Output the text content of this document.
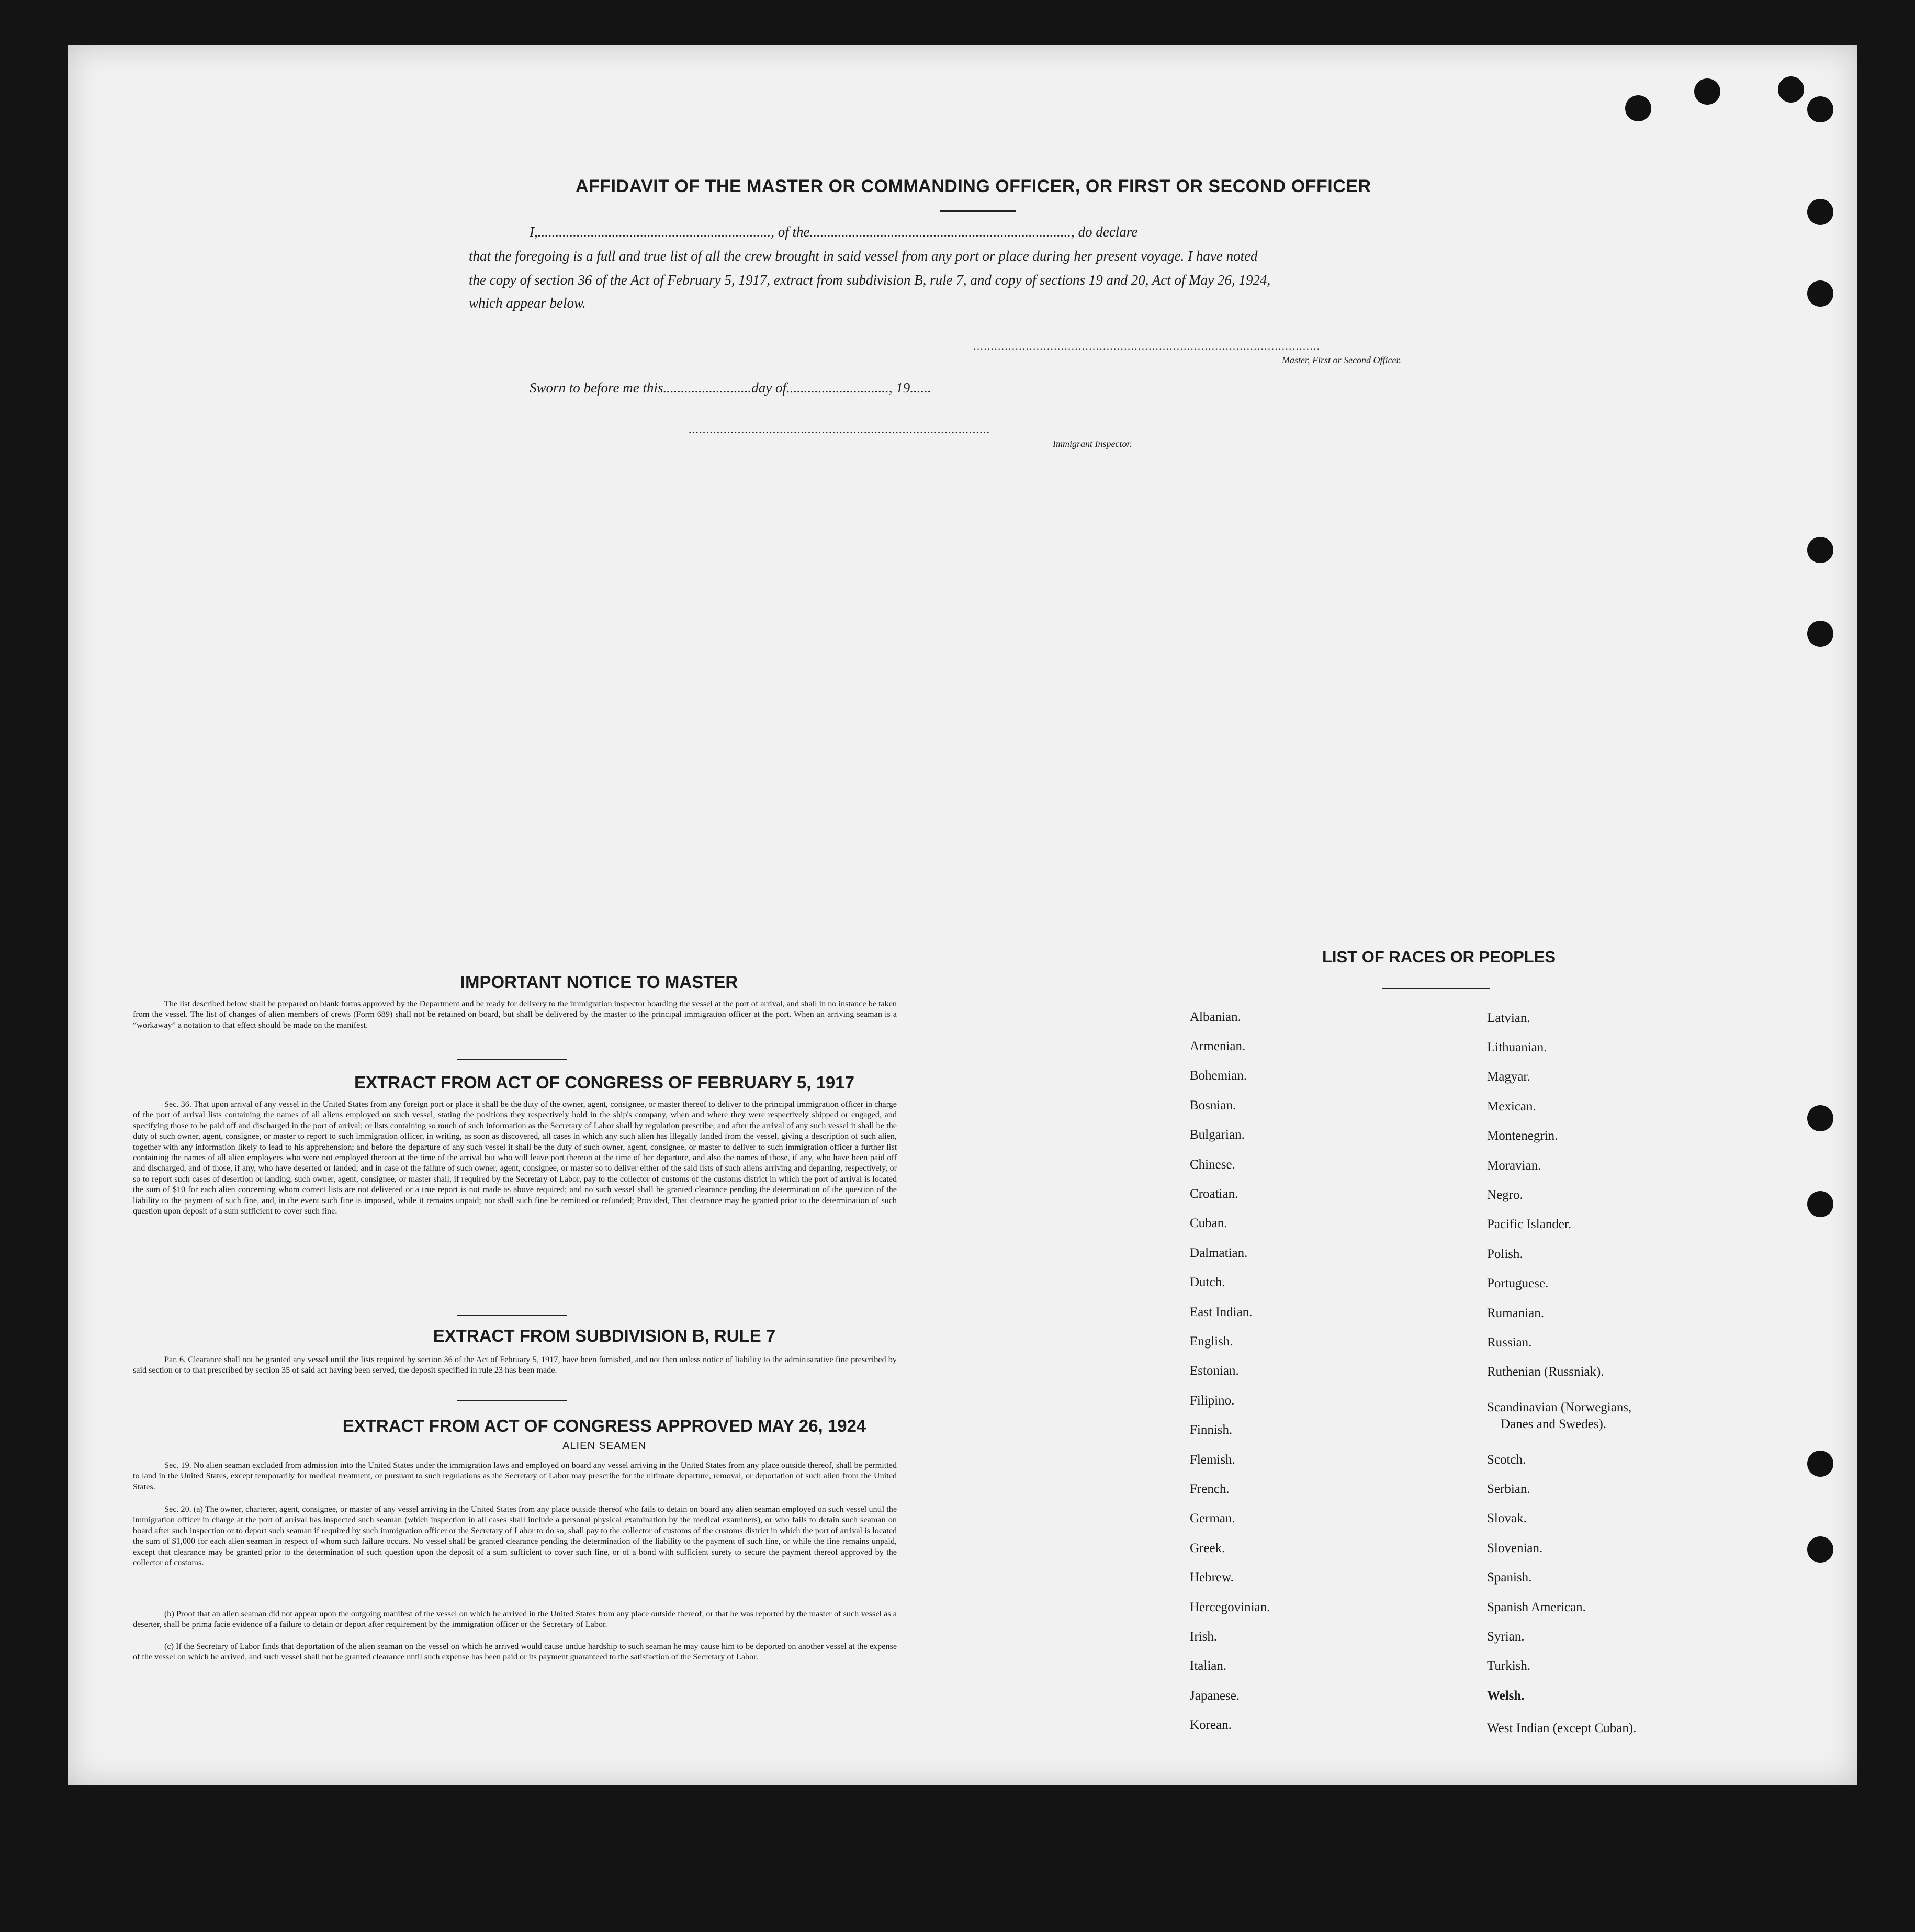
AFFIDAVIT OF THE MASTER OR COMMANDING OFFICER, OR FIRST OR SECOND OFFICER
I,.................................................................., of the.........................................................................., do declare
that the foregoing is a full and true list of all the crew brought in said vessel from any port or place during her present voyage. I have noted
the copy of section 36 of the Act of February 5, 1917, extract from subdivision B, rule 7, and copy of sections 19 and 20, Act of May 26, 1924,
which appear below.
...................................................................................................
Master, First or Second Officer.
Sworn to before me this.........................day of............................., 19......
......................................................................................
Immigrant Inspector.
IMPORTANT NOTICE TO MASTER
The list described below shall be prepared on blank forms approved by the Department and be ready for delivery to the immigration inspector boarding the vessel at the port of arrival, and shall in no instance be taken from the vessel. The list of changes of alien members of crews (Form 689) shall not be retained on board, but shall be delivered by the master to the principal immigration officer at the port. When an arriving seaman is a “workaway” a notation to that effect should be made on the manifest.
EXTRACT FROM ACT OF CONGRESS OF FEBRUARY 5, 1917
Sec. 36. That upon arrival of any vessel in the United States from any foreign port or place it shall be the duty of the owner, agent, consignee, or master thereof to deliver to the principal immigration officer in charge of the port of arrival lists containing the names of all aliens employed on such vessel, stating the positions they respectively hold in the ship's company, when and where they were respectively shipped or engaged, and specifying those to be paid off and discharged in the port of arrival; or lists containing so much of such information as the Secretary of Labor shall by regulation prescribe; and after the arrival of any such vessel it shall be the duty of such owner, agent, consignee, or master to report to such immigration officer, in writing, as soon as discovered, all cases in which any such alien has illegally landed from the vessel, giving a description of such alien, together with any information likely to lead to his apprehension; and before the departure of any such vessel it shall be the duty of such owner, agent, consignee, or master to deliver to such immigration officer a further list containing the names of all alien employees who were not employed thereon at the time of the arrival but who will leave port thereon at the time of her departure, and also the names of those, if any, who have been paid off and discharged, and of those, if any, who have deserted or landed; and in case of the failure of such owner, agent, consignee, or master so to deliver either of the said lists of such aliens arriving and departing, respectively, or so to report such cases of desertion or landing, such owner, agent, consignee, or master shall, if required by the Secretary of Labor, pay to the collector of customs of the customs district in which the port of arrival is located the sum of $10 for each alien concerning whom correct lists are not delivered or a true report is not made as above required; and no such vessel shall be granted clearance pending the determination of the question of the liability to the payment of such fine, and, in the event such fine is imposed, while it remains unpaid; nor shall such fine be remitted or refunded; Provided, That clearance may be granted prior to the determination of such question upon deposit of a sum sufficient to cover such fine.
EXTRACT FROM SUBDIVISION B, RULE 7
Par. 6. Clearance shall not be granted any vessel until the lists required by section 36 of the Act of February 5, 1917, have been furnished, and not then unless notice of liability to the administrative fine prescribed by said section or to that prescribed by section 35 of said act having been served, the deposit specified in rule 23 has been made.
EXTRACT FROM ACT OF CONGRESS APPROVED MAY 26, 1924
ALIEN SEAMEN
Sec. 19. No alien seaman excluded from admission into the United States under the immigration laws and employed on board any vessel arriving in the United States from any place outside thereof, shall be permitted to land in the United States, except temporarily for medical treatment, or pursuant to such regulations as the Secretary of Labor may prescribe for the ultimate departure, removal, or deportation of such alien from the United States.
Sec. 20. (a) The owner, charterer, agent, consignee, or master of any vessel arriving in the United States from any place outside thereof who fails to detain on board any alien seaman employed on such vessel until the immigration officer in charge at the port of arrival has inspected such seaman (which inspection in all cases shall include a personal physical examination by the medical examiners), or who fails to detain such seaman on board after such inspection or to deport such seaman if required by such immigration officer or the Secretary of Labor to do so, shall pay to the collector of customs of the customs district in which the port of arrival is located the sum of $1,000 for each alien seaman in respect of whom such failure occurs. No vessel shall be granted clearance pending the determination of the liability to the payment of such fine, or while the fine remains unpaid, except that clearance may be granted prior to the determination of such question upon the deposit of a sum sufficient to cover such fine, or of a bond with sufficient surety to secure the payment thereof approved by the collector of customs.
(b) Proof that an alien seaman did not appear upon the outgoing manifest of the vessel on which he arrived in the United States from any place outside thereof, or that he was reported by the master of such vessel as a deserter, shall be prima facie evidence of a failure to detain or deport after requirement by the immigration officer or the Secretary of Labor.
(c) If the Secretary of Labor finds that deportation of the alien seaman on the vessel on which he arrived would cause undue hardship to such seaman he may cause him to be deported on another vessel at the expense of the vessel on which he arrived, and such vessel shall not be granted clearance until such expense has been paid or its payment guaranteed to the satisfaction of the Secretary of Labor.
LIST OF RACES OR PEOPLES
Albanian.
Armenian.
Bohemian.
Bosnian.
Bulgarian.
Chinese.
Croatian.
Cuban.
Dalmatian.
Dutch.
East Indian.
English.
Estonian.
Filipino.
Finnish.
Flemish.
French.
German.
Greek.
Hebrew.
Hercegovinian.
Irish.
Italian.
Japanese.
Korean.
Latvian.
Lithuanian.
Magyar.
Mexican.
Montenegrin.
Moravian.
Negro.
Pacific Islander.
Polish.
Portuguese.
Rumanian.
Russian.
Ruthenian (Russniak).
Scandinavian (Norwegians,
Danes and Swedes).
Scotch.
Serbian.
Slovak.
Slovenian.
Spanish.
Spanish American.
Syrian.
Turkish.
Welsh.
West Indian (except Cuban).
